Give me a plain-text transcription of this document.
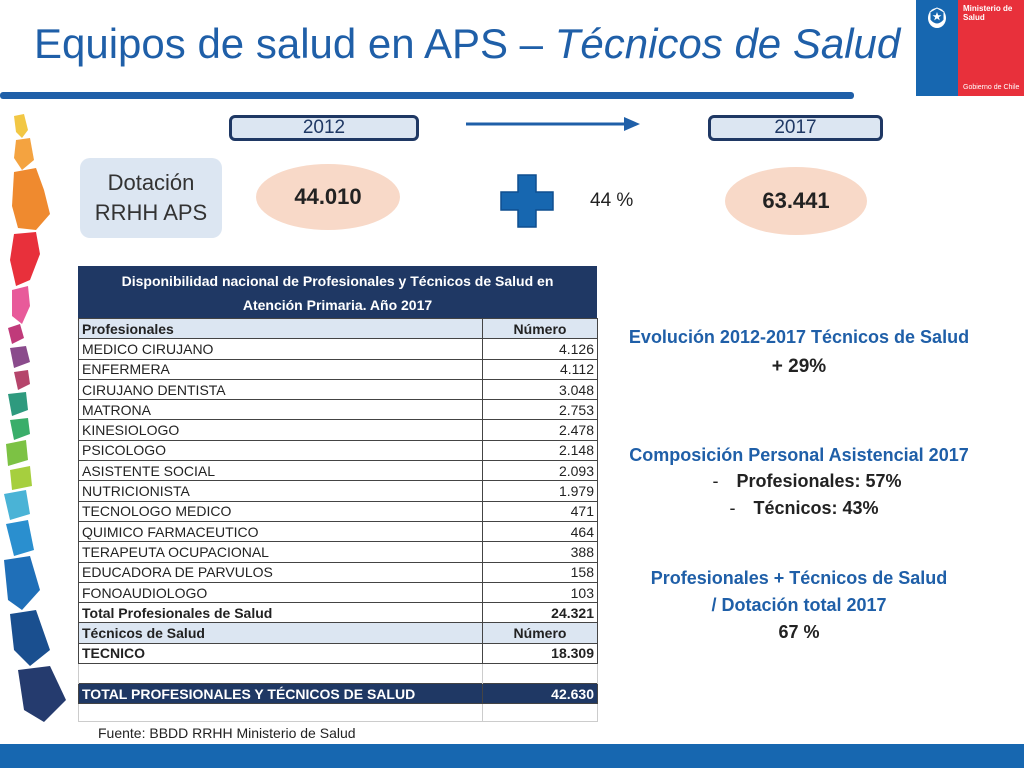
Equipos de salud en APS – Técnicos de Salud
Ministerio de Salud
Gobierno de Chile
2012	2017
Dotación
RRHH APS
44.010	44 %	63.441
Disponibilidad nacional de Profesionales y Técnicos de Salud en
Atención Primaria. Año 2017
Profesionales	Número
MEDICO CIRUJANO	4.126
ENFERMERA	4.112
CIRUJANO DENTISTA	3.048
MATRONA	2.753
KINESIOLOGO	2.478
PSICOLOGO	2.148
ASISTENTE SOCIAL	2.093
NUTRICIONISTA	1.979
TECNOLOGO MEDICO	471
QUIMICO FARMACEUTICO	464
TERAPEUTA OCUPACIONAL	388
EDUCADORA DE PARVULOS	158
FONOAUDIOLOGO	103
Total Profesionales de Salud	24.321
Técnicos de Salud	Número
TECNICO	18.309

TOTAL PROFESIONALES Y TÉCNICOS DE SALUD	42.630

Evolución 2012-2017 Técnicos de Salud
+ 29%
Composición Personal Asistencial 2017
- Profesionales: 57%
- Técnicos: 43%
Profesionales + Técnicos de Salud
/ Dotación total 2017
67 %
Fuente: BBDD RRHH Ministerio de Salud
